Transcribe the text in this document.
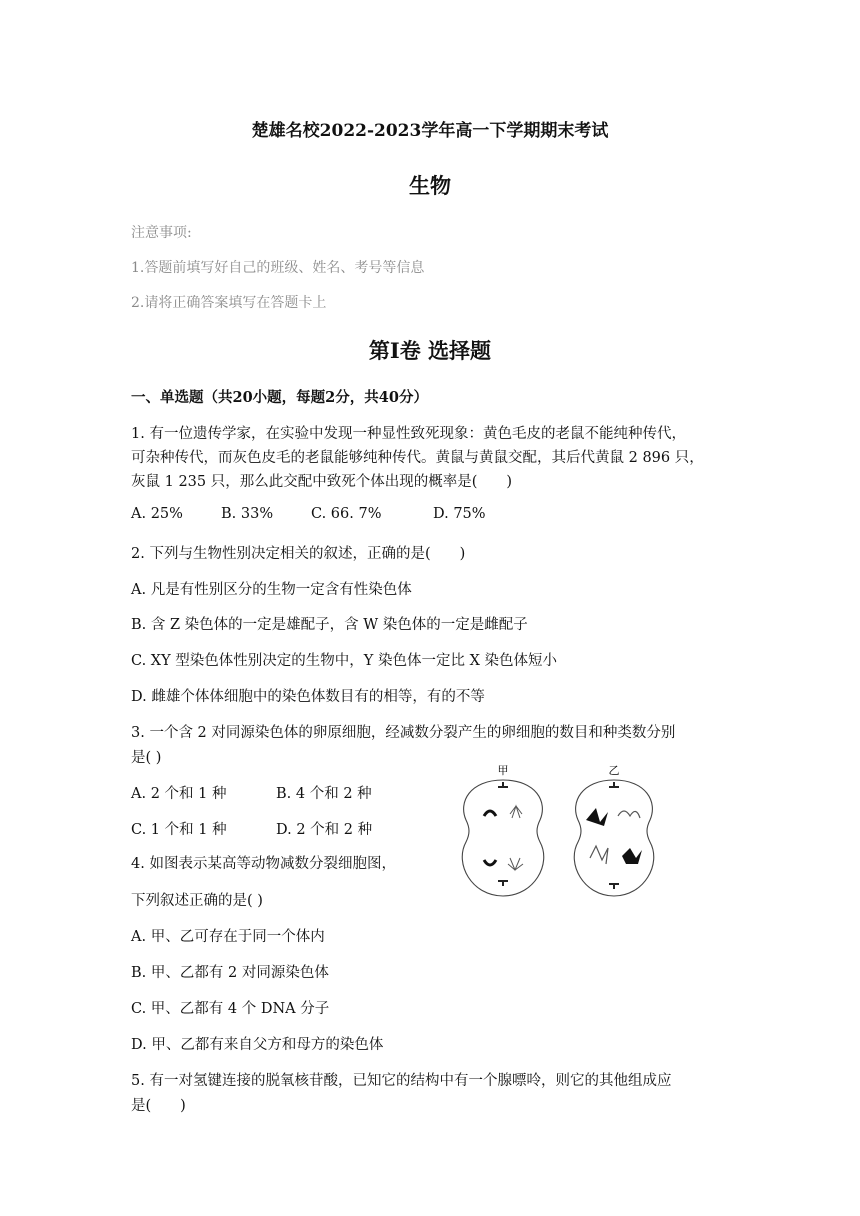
楚雄名校2022-2023学年高一下学期期末考试
生物
注意事项:
1.答题前填写好自己的班级、姓名、考号等信息
2.请将正确答案填写在答题卡上
第Ⅰ卷 选择题
一、单选题（共20小题，每题2分，共40分）
1. 有一位遗传学家，在实验中发现一种显性致死现象：黄色毛皮的老鼠不能纯种传代，
可杂种传代，而灰色皮毛的老鼠能够纯种传代。黄鼠与黄鼠交配，其后代黄鼠 2 896 只，
灰鼠 1 235 只，那么此交配中致死个体出现的概率是(　　)
A. 25%	B. 33%	C. 66. 7%	D. 75%
2. 下列与生物性别决定相关的叙述，正确的是(　　)
A. 凡是有性别区分的生物一定含有性染色体
B. 含 Z 染色体的一定是雄配子，含 W 染色体的一定是雌配子
C. XY 型染色体性别决定的生物中，Y 染色体一定比 X 染色体短小
D. 雌雄个体体细胞中的染色体数目有的相等，有的不等
3. 一个含 2 对同源染色体的卵原细胞，经减数分裂产生的卵细胞的数目和种类数分别
是( )
A. 2 个和 1 种	B. 4 个和 2 种
C. 1 个和 1 种	D. 2 个和 2 种
4. 如图表示某高等动物减数分裂细胞图，
下列叙述正确的是( )
A. 甲、乙可存在于同一个体内
B. 甲、乙都有 2 对同源染色体
C. 甲、乙都有 4 个 DNA 分子
D. 甲、乙都有来自父方和母方的染色体
甲	乙
5. 有一对氢键连接的脱氧核苷酸，已知它的结构中有一个腺嘌呤，则它的其他组成应
是(　　)
